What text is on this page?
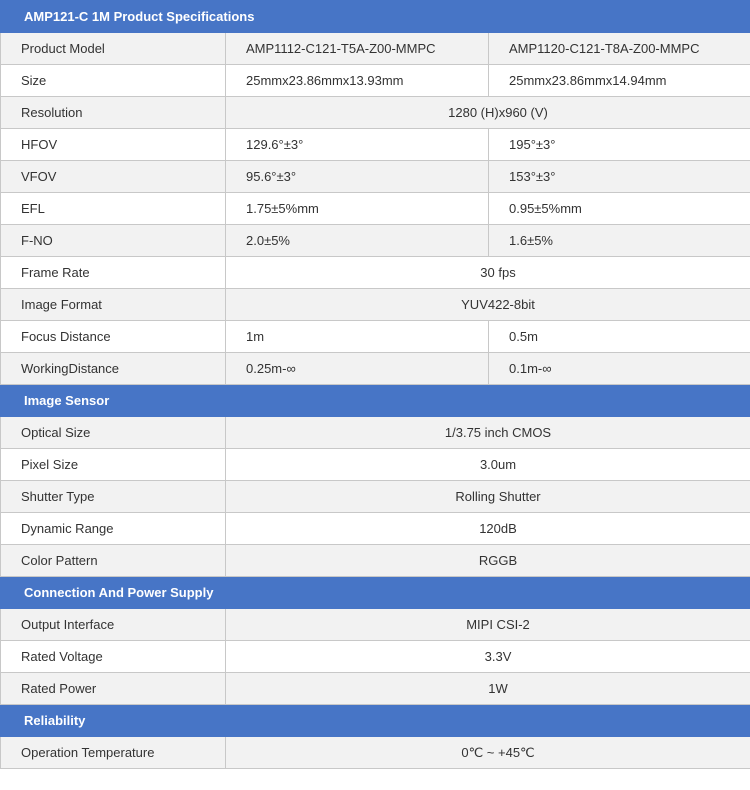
AMP121-C 1M Product Specifications		
Product Model	AMP1112-C121-T5A-Z00-MMPC	AMP1120-C121-T8A-Z00-MMPC
Size	25mmx23.86mmx13.93mm	25mmx23.86mmx14.94mm
Resolution	1280 (H)x960 (V)	
HFOV	129.6°±3°	195°±3°
VFOV	95.6°±3°	153°±3°
EFL	1.75±5%mm	0.95±5%mm
F-NO	2.0±5%	1.6±5%
Frame Rate	30 fps	
Image Format	YUV422-8bit	
Focus Distance	1m	0.5m
WorkingDistance	0.25m-∞	0.1m-∞
Image Sensor		
Optical Size	1/3.75 inch CMOS	
Pixel Size	3.0um	
Shutter Type	Rolling Shutter	
Dynamic Range	120dB	
Color Pattern	RGGB	
Connection And Power Supply		
Output Interface	MIPI CSI-2	
Rated Voltage	3.3V	
Rated Power	1W	
Reliability		
Operation Temperature	0℃ ~ +45℃	
